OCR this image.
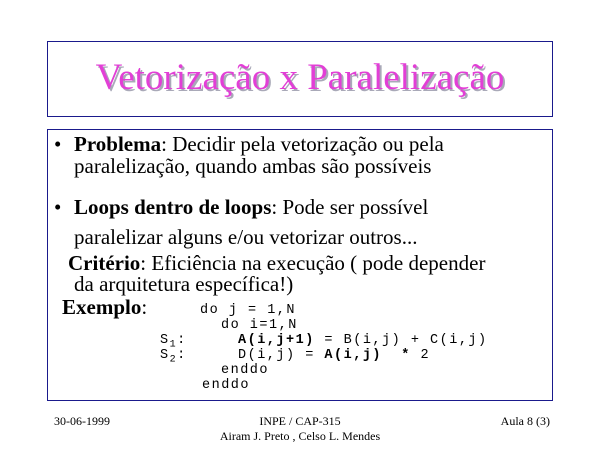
Vetorização x Paralelização
• Problema: Decidir pela vetorização ou pela
paralelização, quando ambas são possíveis
• Loops dentro de loops: Pode ser possível
paralelizar alguns e/ou vetorizar outros...
Critério: Eficiência na execução ( pode depender
da arquitetura específica!)
Exemplo:	do j = 1,N
do i=1,N
$S_1$:	A(i,j+1) = B(i,j) + C(i,j)
$S_2$:	D(i,j) = A(i,j)  * 2
enddo
enddo
30-06-1999	INPE / CAP-315
Airam J. Preto , Celso L. Mendes
Aula 8 (3)
